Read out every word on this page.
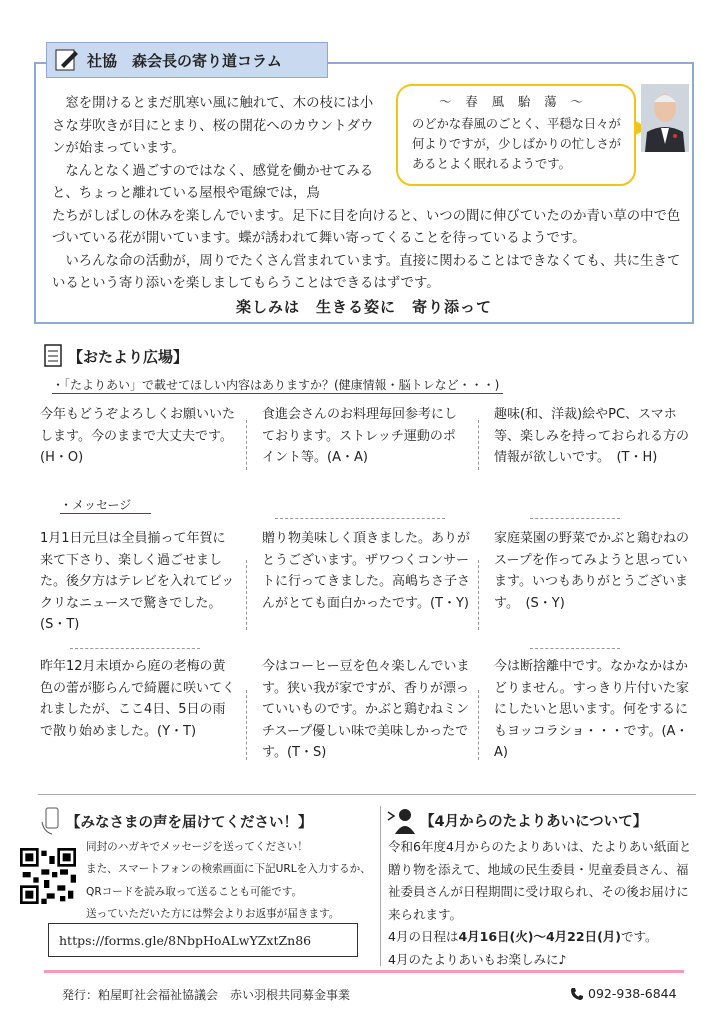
社協　森会長の寄り道コラム
～春風駘蕩～
のどかな春風のごとく、平穏な日々が何よりですが，少しばかりの忙しさがあるとよく眠れるようです。

窓を開けるとまだ肌寒い風に触れて、木の枝には小さな芽吹きが目にとまり、桜の開花へのカウントダウンが始まっています。

なんとなく過ごすのではなく、感覚を働かせてみると、ちょっと離れている屋根や電線では，鳥

たちがしばしの休みを楽しんでいます。足下に目を向けると、いつの間に伸びていたのか青い草の中で色づいている花が開いています。蝶が誘われて舞い寄ってくることを待っているようです。

いろんな命の活動が，周りでたくさん営まれています。直接に関わることはできなくても、共に生きているという寄り添いを楽しましてもらうことはできるはずです。

楽しみは　生きる姿に　寄り添って
【おたより広場】
・「たよりあい」で載せてほしい内容はありますか？(健康情報・脳トレなど・・・)
今年もどうぞよろしくお願いいたします。今のままで大丈夫です。(H・O)
食進会さんのお料理毎回参考にしております。ストレッチ運動のポイント等。(A・A)
趣味(和、洋裁)絵やPC、スマホ等、楽しみを持っておられる方の情報が欲しいです。　(T・H)
・メッセージ
1月1日元旦は全員揃って年賀に来て下さり、楽しく過ごせました。後夕方はテレビを入れてビックリなニュースで驚きでした。(S・T)
贈り物美味しく頂きました。ありがとうございます。ザワつくコンサートに行ってきました。高嶋ちさ子さんがとても面白かったです。(T・Y)
家庭菜園の野菜でかぶと鶏むねのスープを作ってみようと思っています。いつもありがとうございます。　(S・Y)
昨年12月末頃から庭の老梅の黄色の蕾が膨らんで綺麗に咲いてくれましたが、ここ4日、5日の雨で散り始めました。(Y・T)
今はコーヒー豆を色々楽しんでいます。狭い我が家ですが、香りが漂っていいものです。かぶと鶏むねミンチスープ優しい味で美味しかったです。(T・S)
今は断捨離中です。なかなかはかどりません。すっきり片付いた家にしたいと思います。何をするにもヨッコラショ・・・です。(A・A)
【みなさまの声を届けてください！】
同封のハガキでメッセージを送ってください！
また、スマートフォンの検索画面に下記URLを入力するか、
QRコードを読み取って送ることも可能です。
送っていただいた方には弊会よりお返事が届きます。
https://forms.gle/8NbpHoALwYZxtZn86
【4月からのたよりあいについて】
令和6年度4月からのたよりあいは、たよりあい紙面と贈り物を添えて、地域の民生委員・児童委員さん、福祉委員さんが日程期間に受け取られ、その後お届けに来られます。
4月の日程は4月16日(火)～4月22日(月)です。
4月のたよりあいもお楽しみに♪
発行：粕屋町社会福祉協議会　赤い羽根共同募金事業	092-938-6844
